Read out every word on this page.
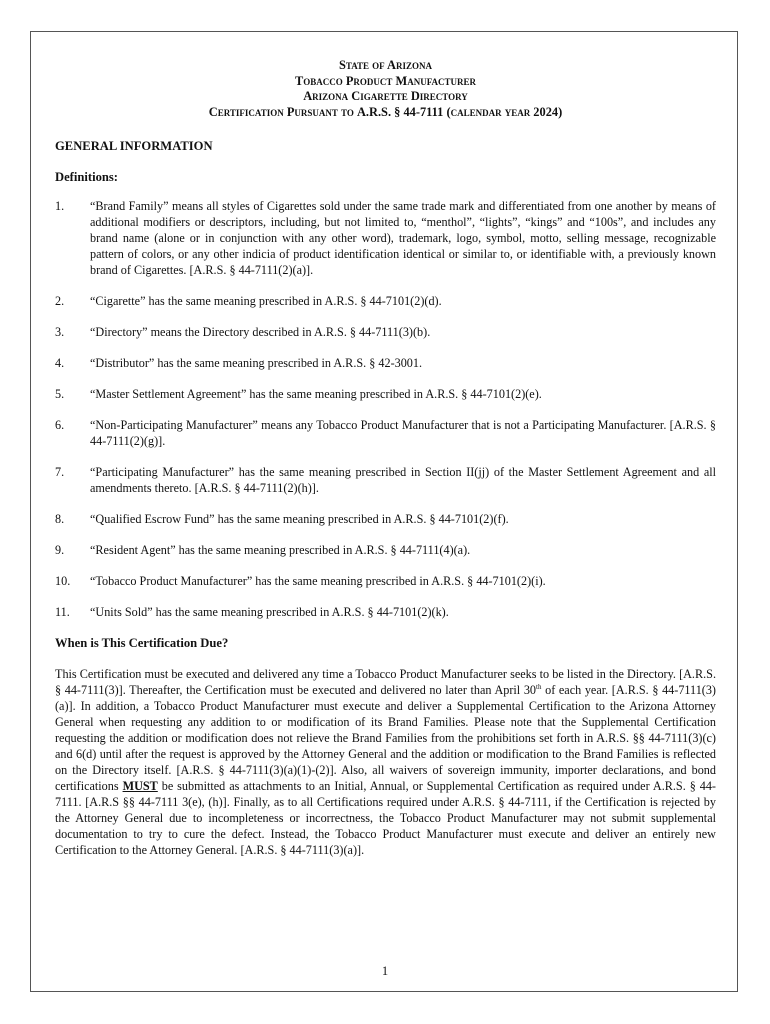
State of Arizona
Tobacco Product Manufacturer
Arizona Cigarette Directory
Certification Pursuant to A.R.S. § 44-7111 (calendar year 2024)

GENERAL INFORMATION

Definitions:

1.	“Brand Family” means all styles of Cigarettes sold under the same trade mark and differentiated from one another by means of additional modifiers or descriptors, including, but not limited to, “menthol”, “lights”, “kings” and “100s”, and includes any brand name (alone or in conjunction with any other word), trademark, logo, symbol, motto, selling message, recognizable pattern of colors, or any other indicia of product identification identical or similar to, or identifiable with, a previously known brand of Cigarettes. [A.R.S. § 44-7111(2)(a)].
2.	“Cigarette” has the same meaning prescribed in A.R.S. § 44-7101(2)(d).
3.	“Directory” means the Directory described in A.R.S. § 44-7111(3)(b).
4.	“Distributor” has the same meaning prescribed in A.R.S. § 42-3001.
5.	“Master Settlement Agreement” has the same meaning prescribed in A.R.S. § 44-7101(2)(e).
6.	“Non-Participating Manufacturer” means any Tobacco Product Manufacturer that is not a Participating Manufacturer. [A.R.S. § 44-7111(2)(g)].
7.	“Participating Manufacturer” has the same meaning prescribed in Section II(jj) of the Master Settlement Agreement and all amendments thereto. [A.R.S. § 44-7111(2)(h)].
8.	“Qualified Escrow Fund” has the same meaning prescribed in A.R.S. § 44-7101(2)(f).
9.	“Resident Agent” has the same meaning prescribed in A.R.S. § 44-7111(4)(a).
10.	“Tobacco Product Manufacturer” has the same meaning prescribed in A.R.S. § 44-7101(2)(i).
11.	“Units Sold” has the same meaning prescribed in A.R.S. § 44-7101(2)(k).

When is This Certification Due?

This Certification must be executed and delivered any time a Tobacco Product Manufacturer seeks to be listed in the Directory. [A.R.S. § 44-7111(3)]. Thereafter, the Certification must be executed and delivered no later than April 30th of each year. [A.R.S. § 44-7111(3)(a)]. In addition, a Tobacco Product Manufacturer must execute and deliver a Supplemental Certification to the Arizona Attorney General when requesting any addition to or modification of its Brand Families. Please note that the Supplemental Certification requesting the addition or modification does not relieve the Brand Families from the prohibitions set forth in A.R.S. §§ 44-7111(3)(c) and 6(d) until after the request is approved by the Attorney General and the addition or modification to the Brand Families is reflected on the Directory itself. [A.R.S. § 44-7111(3)(a)(1)-(2)]. Also, all waivers of sovereign immunity, importer declarations, and bond certifications MUST be submitted as attachments to an Initial, Annual, or Supplemental Certification as required under A.R.S. § 44-7111. [A.R.S §§ 44-7111 3(e), (h)]. Finally, as to all Certifications required under A.R.S. § 44-7111, if the Certification is rejected by the Attorney General due to incompleteness or incorrectness, the Tobacco Product Manufacturer may not submit supplemental documentation to try to cure the defect. Instead, the Tobacco Product Manufacturer must execute and deliver an entirely new Certification to the Attorney General. [A.R.S. § 44-7111(3)(a)].

1
